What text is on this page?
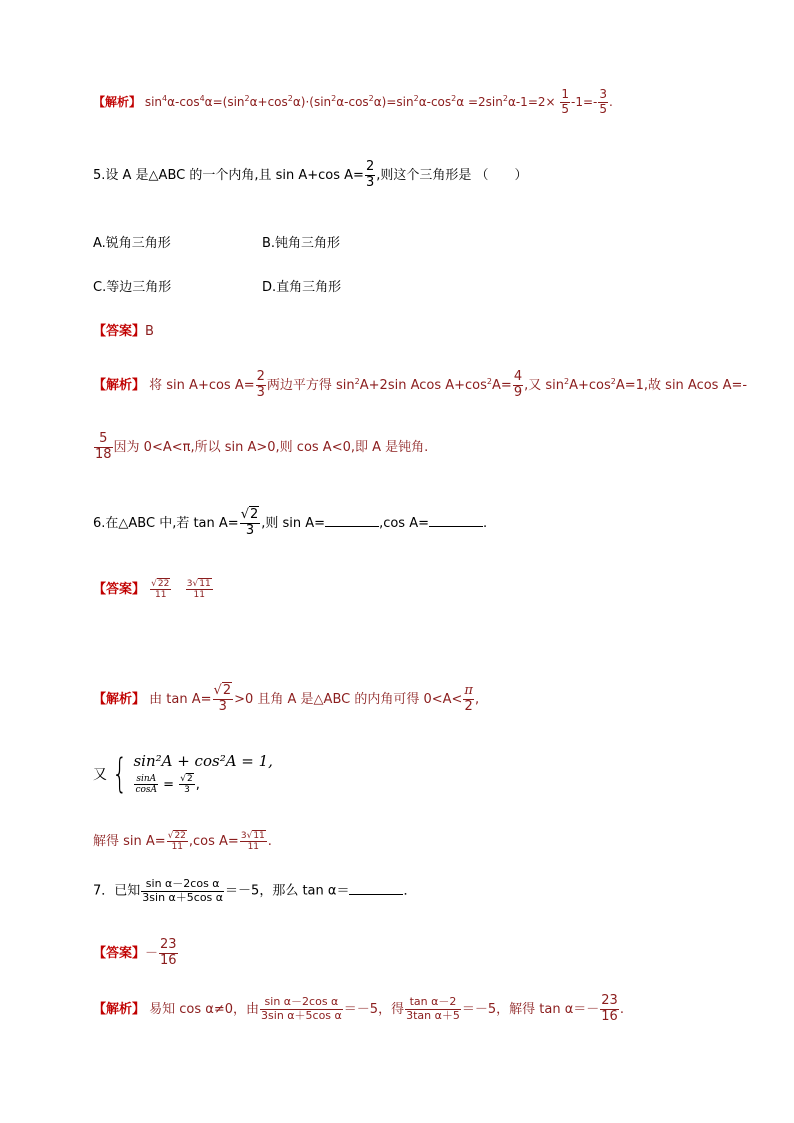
【解析】 $\sin^4\alpha-\cos^4\alpha=(\sin^2\alpha+\cos^2\alpha)\cdot(\sin^2\alpha-\cos^2\alpha)=\sin^2\alpha-\cos^2\alpha =2\sin^2\alpha-1=2\times \frac{1}{5} -1=- \frac{3}{5}$ .
5.设 A 是△ABC 的一个内角,且 sin A+cos $A= \frac{2}{3}$ ,则这个三角形是 （　　）
A.锐角三角形	B.钝角三角形
C.等边三角形	D.直角三角形
【答案】B
【解析】 将 sin A+cos $A= \frac{2}{3}$ 两边平方得 $\sin^2A+2\sin$ Acos $A+\cos^2A= \frac{4}{9}$ ,又 $\sin^2A+\cos^2A=1$,故 sin Acos A=-
$\frac{5}{18}$ 因为 0<A<π,所以 sin A>0,则 cos A<0,即 A 是钝角.
6.在△ABC 中,若 $\tan A= \frac{√2}{3}$ ,则 sin A=	,cos A=	.
【答案】 $\frac{√22}{11}$
$\frac{3√11}{11}$
【解析】 由 $\tan A= \frac{√2}{3} >0$ 且角 A 是△ABC 的内角可得 $0<A< \frac{\pi}{2}$ ,
又 { sin²A + cos²A = 1,
$\frac{\sin A}{\cos A} = \frac{√2}{3}$ ,
解得 $\sin A= \frac{√22}{11} ,\cos$ $A= \frac{3√11}{11}$ .
7．已知 $\frac{\text{sin α－2cos α}}{\text{3sin α＋5cos α}} =-5$，那么 tan α＝	．
【答案】－ $\frac{23}{16}$
【解析】 易知 cos α≠0，由 $\frac{\text{sin α－2cos α}}{\text{3sin α＋5cos α}} =-5$，得 $\frac{\text{tan α－2}}{\text{3tan α＋5}} =-5$，解得 $\tan \alpha=- \frac{23}{16}$ .
